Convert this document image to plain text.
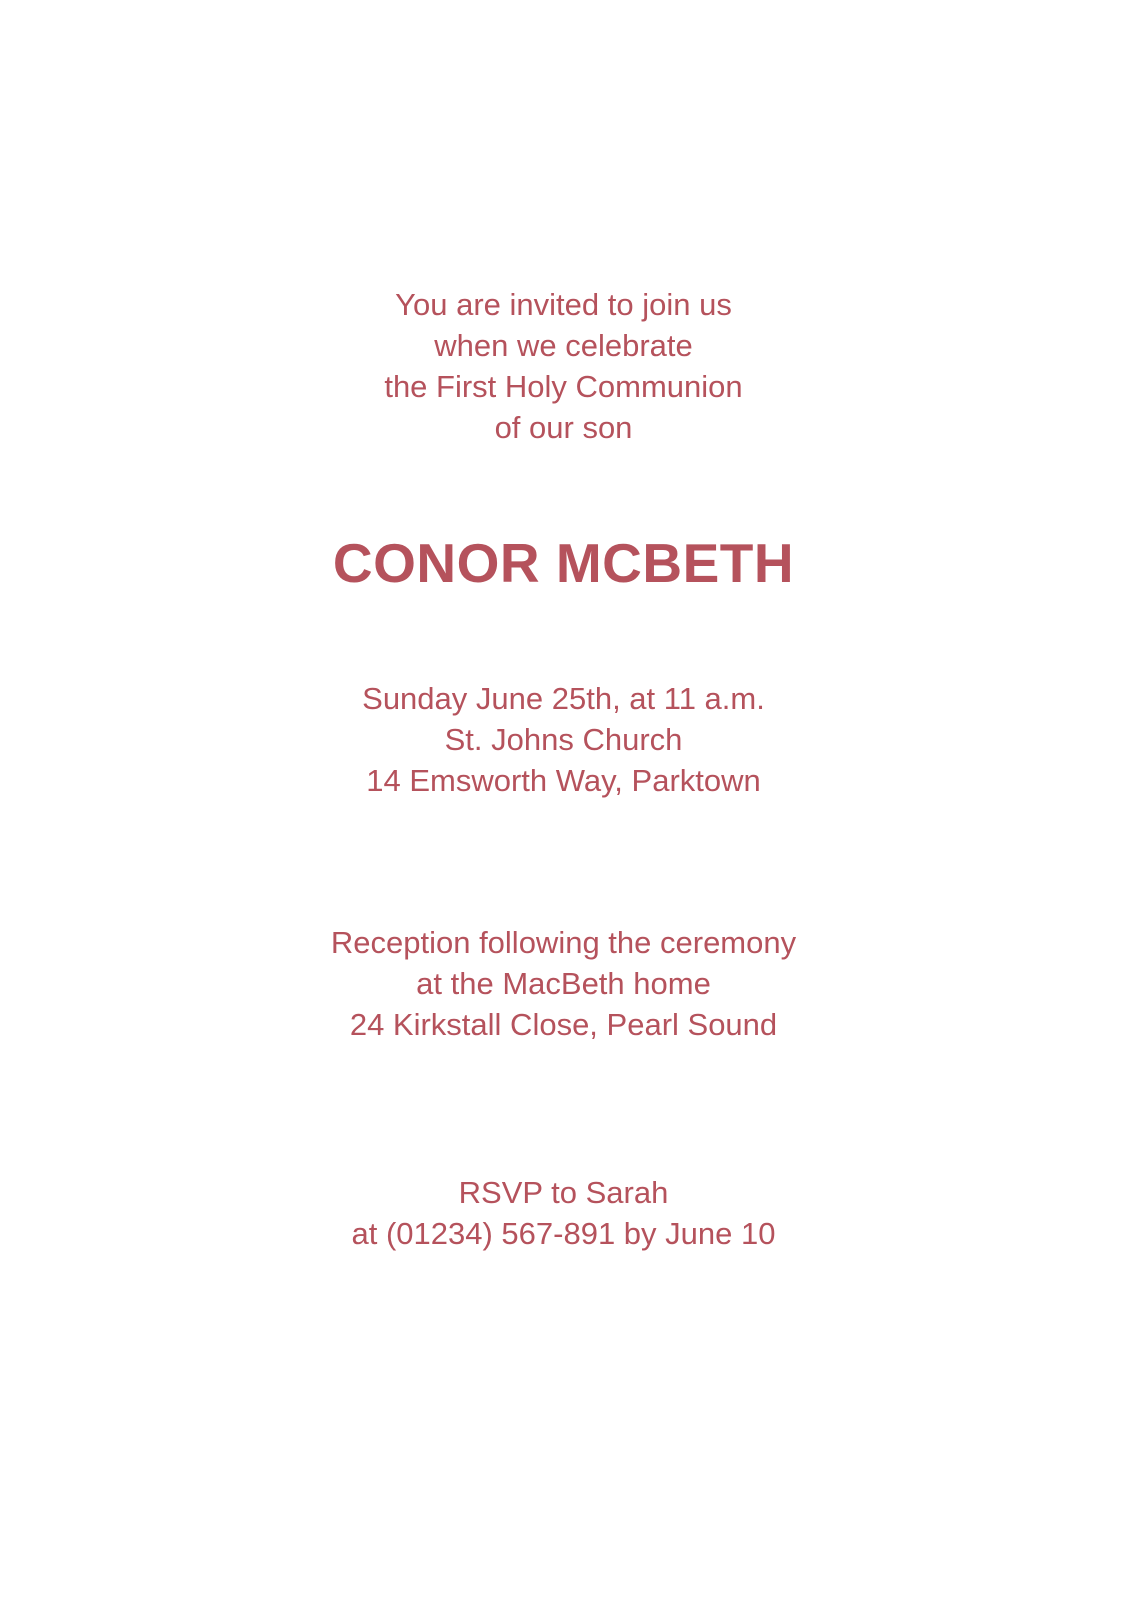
You are invited to join us
when we celebrate
the First Holy Communion
of our son
CONOR MCBETH
Sunday June 25th, at 11 a.m.
St. Johns Church
14 Emsworth Way, Parktown
Reception following the ceremony
at the MacBeth home
24 Kirkstall Close, Pearl Sound
RSVP to Sarah
at (01234) 567-891 by June 10
